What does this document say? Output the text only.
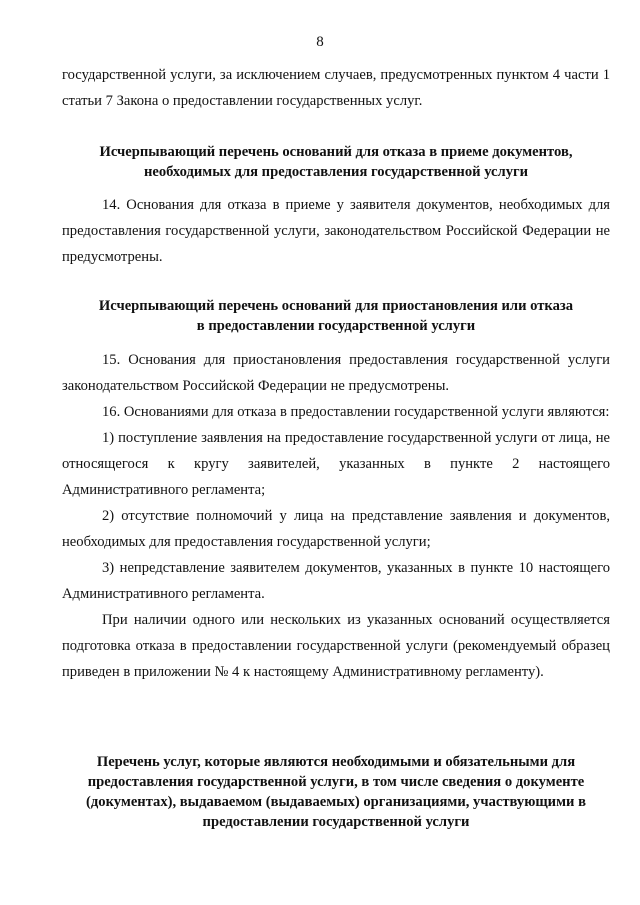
8

государственной услуги, за исключением случаев, предусмотренных пунктом 4 части 1 статьи 7 Закона о предоставлении государственных услуг.

Исчерпывающий перечень оснований для отказа в приеме документов,
необходимых для предоставления государственной услуги

14. Основания для отказа в приеме у заявителя документов, необходимых для предоставления государственной услуги, законодательством Российской Федерации не предусмотрены.

Исчерпывающий перечень оснований для приостановления или отказа
в предоставлении государственной услуги

15. Основания для приостановления предоставления государственной услуги законодательством Российской Федерации не предусмотрены.

16. Основаниями для отказа в предоставлении государственной услуги являются:

1) поступление заявления на предоставление государственной услуги от лица, не относящегося к кругу заявителей, указанных в пункте 2 настоящего Административного регламента;

2) отсутствие полномочий у лица на представление заявления и документов, необходимых для предоставления государственной услуги;

3) непредставление заявителем документов, указанных в пункте 10 настоящего Административного регламента.

При наличии одного или нескольких из указанных оснований осуществляется подготовка отказа в предоставлении государственной услуги (рекомендуемый образец приведен в приложении № 4 к настоящему Административному регламенту).

Перечень услуг, которые являются необходимыми и обязательными для
предоставления государственной услуги, в том числе сведения о документе
(документах), выдаваемом (выдаваемых) организациями, участвующими в
предоставлении государственной услуги
